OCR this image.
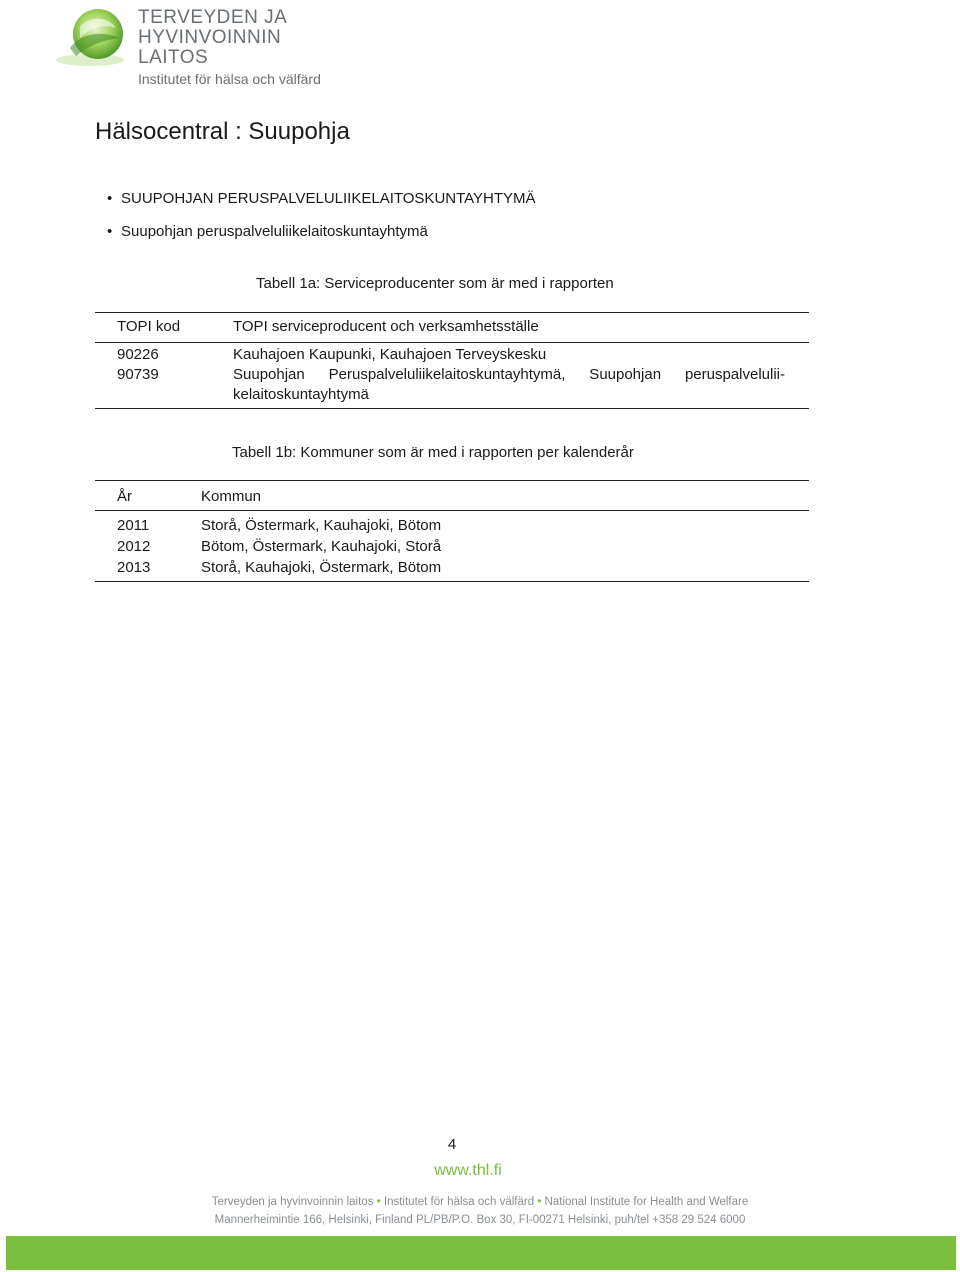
TERVEYDEN JA
HYVINVOINNIN LAITOS
Institutet för hälsa och välfärd
Hälsocentral : Suupohja
• SUUPOHJAN PERUSPALVELULIIKELAITOSKUNTAYHTYMÄ
• Suupohjan peruspalveluliikelaitoskuntayhtymä
Tabell 1a: Serviceproducenter som är med i rapporten
TOPI kod	TOPI serviceproducent och verksamhetsställe
90226	Kauhajoen Kaupunki, Kauhajoen Terveyskesku
90739	Suupohjan Peruspalveluliikelaitoskuntayhtymä, Suupohjan peruspalvelulii-kelaitoskuntayhtymä
Tabell 1b: Kommuner som är med i rapporten per kalenderår
År	Kommun
2011	Storå, Östermark, Kauhajoki, Bötom
2012	Bötom, Östermark, Kauhajoki, Storå
2013	Storå, Kauhajoki, Östermark, Bötom
4
www.thl.fi
Terveyden ja hyvinvoinnin laitos • Institutet för hälsa och välfärd • National Institute for Health and Welfare
Mannerheimintie 166, Helsinki, Finland PL/PB/P.O. Box 30, FI-00271 Helsinki, puh/tel +358 29 524 6000
